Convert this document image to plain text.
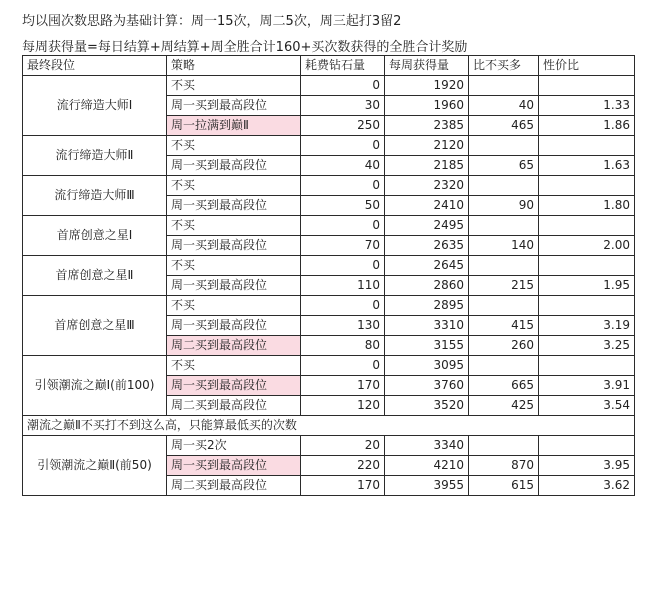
均以囤次数思路为基础计算：周一15次，周二5次，周三起打3留2
每周获得量=每日结算+周结算+周全胜合计160+买次数获得的全胜合计奖励
最终段位	策略	耗费钻石量	每周获得量	比不买多	性价比
流行缔造大师Ⅰ	不买	0	1920		
	周一买到最高段位	30	1960	40	1.33
	周一拉满到巅Ⅱ	250	2385	465	1.86
流行缔造大师Ⅱ	不买	0	2120		
	周一买到最高段位	40	2185	65	1.63
流行缔造大师Ⅲ	不买	0	2320		
	周一买到最高段位	50	2410	90	1.80
首席创意之星Ⅰ	不买	0	2495		
	周一买到最高段位	70	2635	140	2.00
首席创意之星Ⅱ	不买	0	2645		
	周一买到最高段位	110	2860	215	1.95
首席创意之星Ⅲ	不买	0	2895		
	周一买到最高段位	130	3310	415	3.19
	周二买到最高段位	80	3155	260	3.25
引领潮流之巅Ⅰ(前100)	不买	0	3095		
	周一买到最高段位	170	3760	665	3.91
	周二买到最高段位	120	3520	425	3.54
潮流之巅Ⅱ不买打不到这么高，只能算最低买的次数					
引领潮流之巅Ⅱ(前50)	周一买2次	20	3340		
	周一买到最高段位	220	4210	870	3.95
	周二买到最高段位	170	3955	615	3.62
